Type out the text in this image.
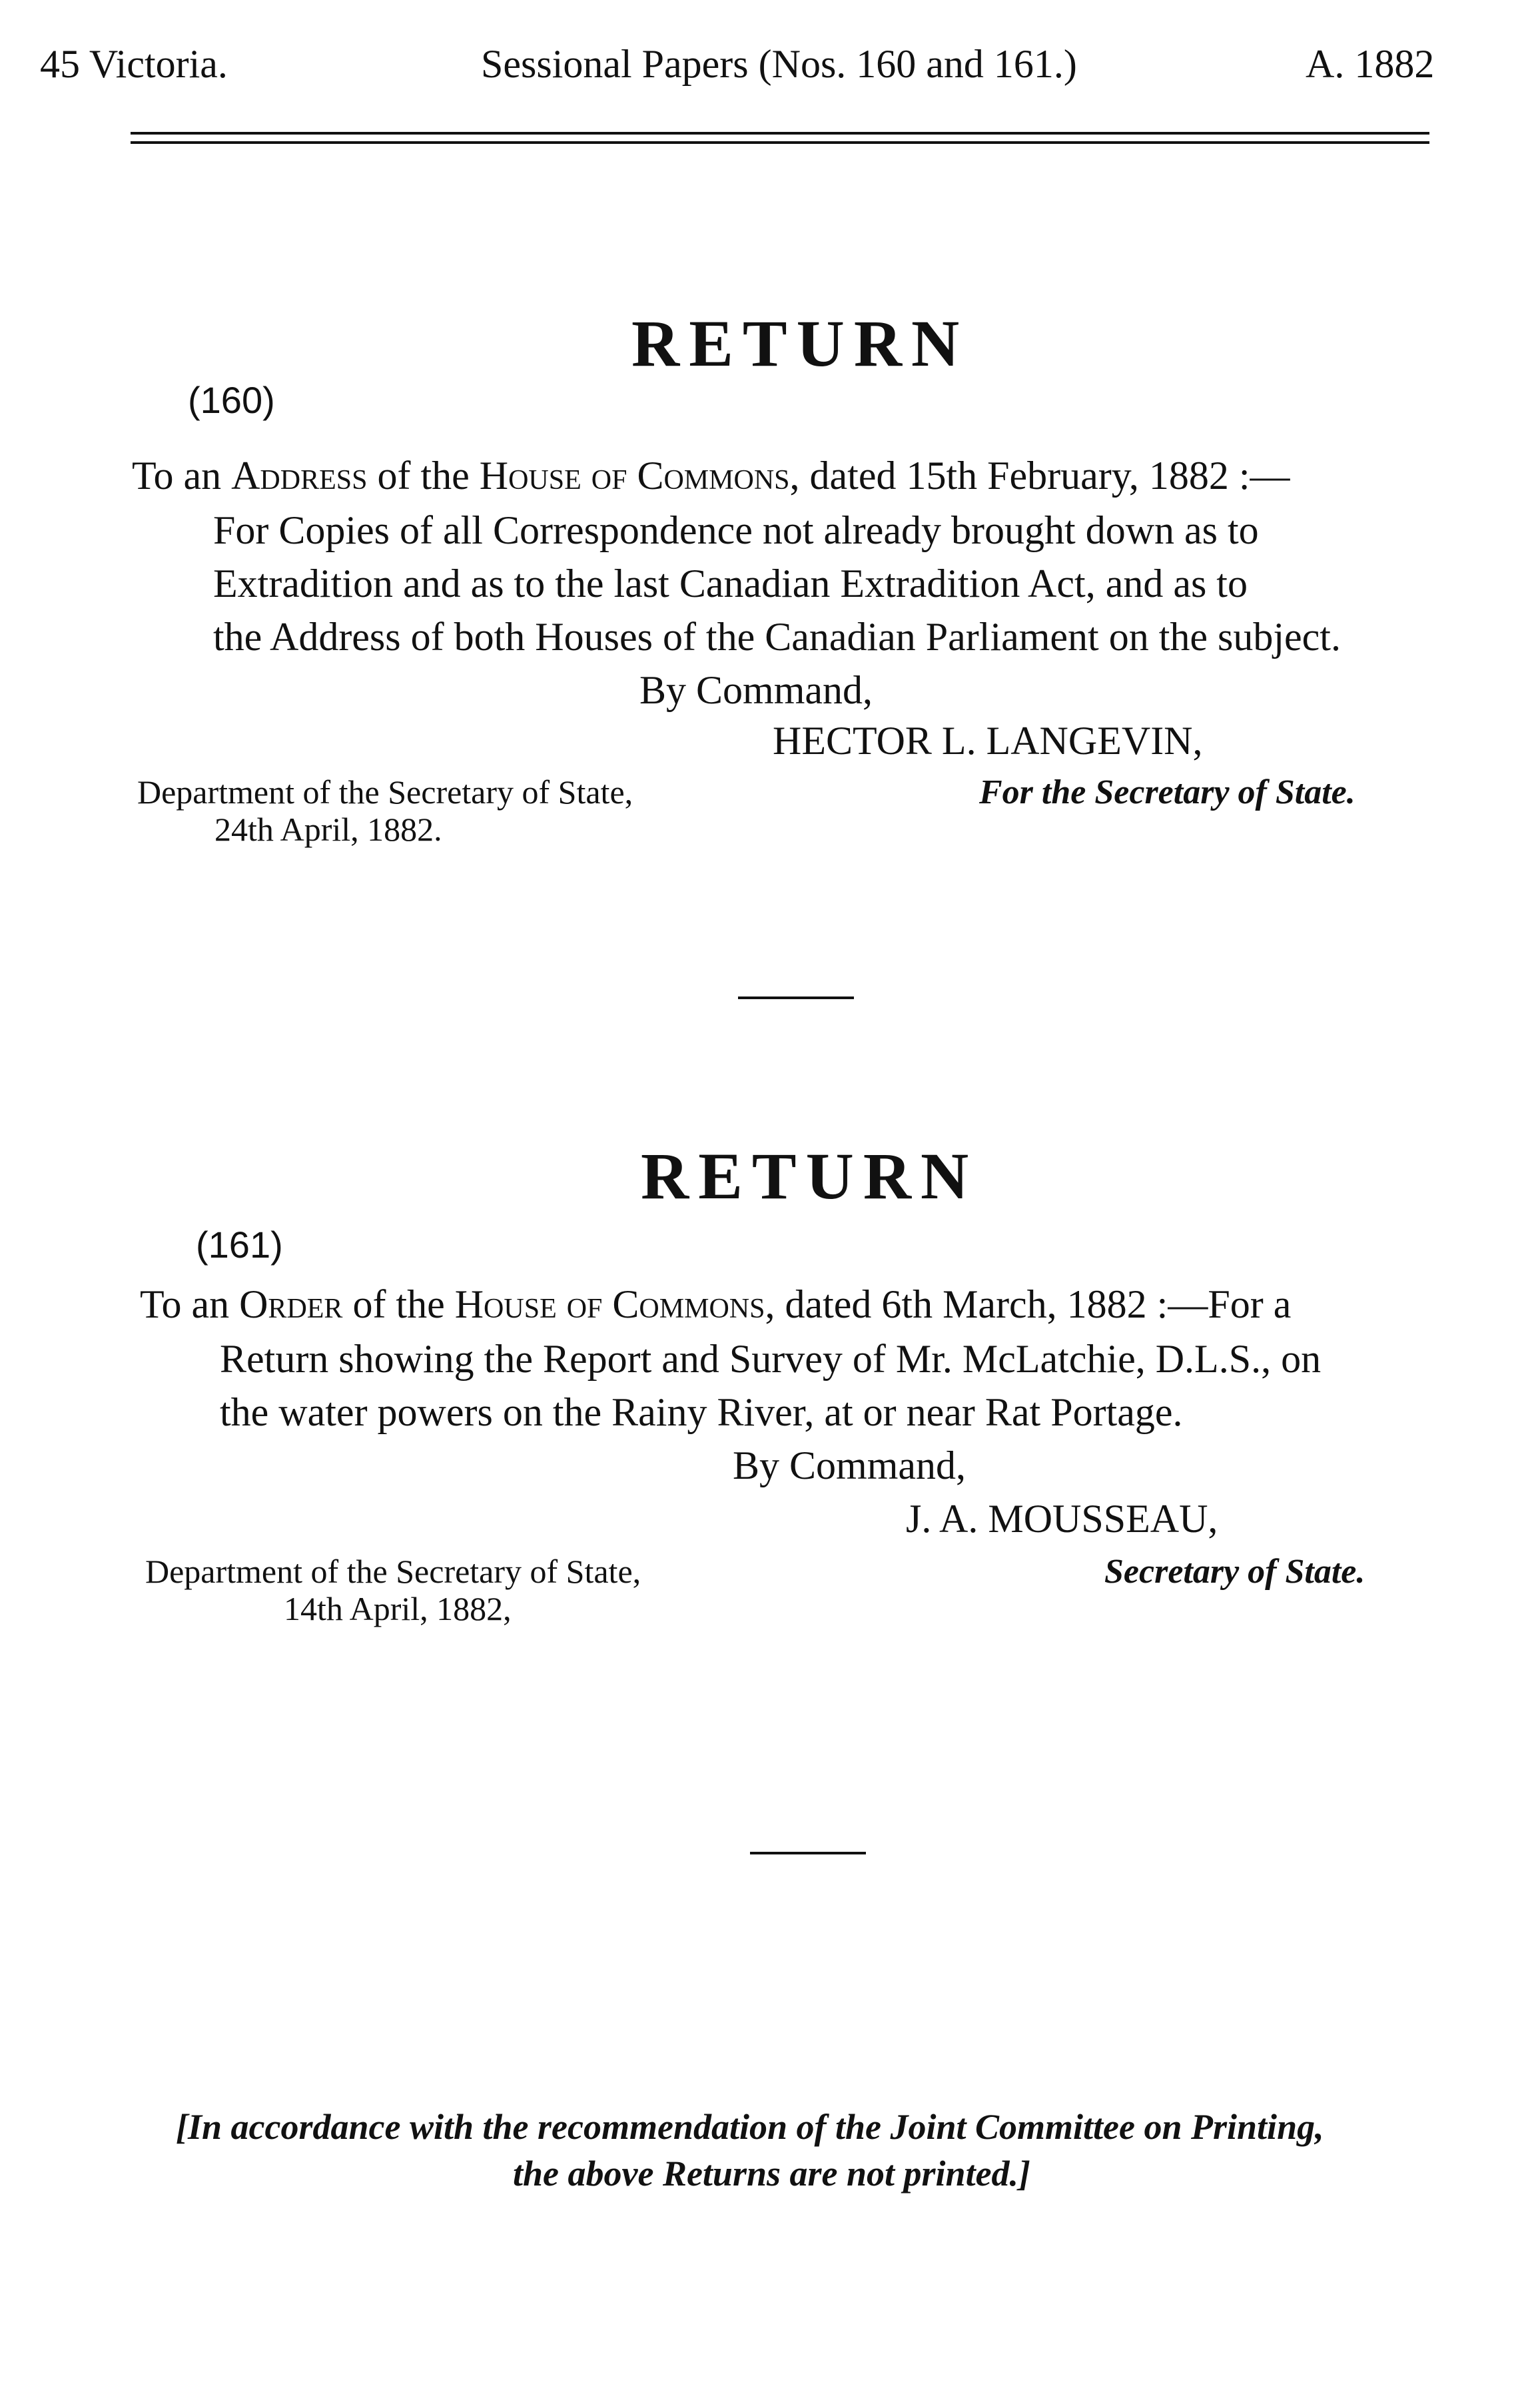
45 Victoria.	Sessional Papers (Nos. 160 and 161.)	A. 1882
RETURN
(160)
To an Address of the House of Commons, dated 15th February, 1882 :—
For Copies of all Correspondence not already brought down as to
Extradition and as to the last Canadian Extradition Act, and as to
the Address of both Houses of the Canadian Parliament on the subject.
By Command,
HECTOR L. LANGEVIN,
Department of the Secretary of State,
24th April, 1882.
For the Secretary of State.
RETURN
(161)
To an Order of the House of Commons, dated 6th March, 1882 :—For a
Return showing the Report and Survey of Mr. McLatchie, D.L.S., on
the water powers on the Rainy River, at or near Rat Portage.
By Command,
J. A. MOUSSEAU,
Department of the Secretary of State,
14th April, 1882,
Secretary of State.
[In accordance with the recommendation of the Joint Committee on Printing,
the above Returns are not printed.]
